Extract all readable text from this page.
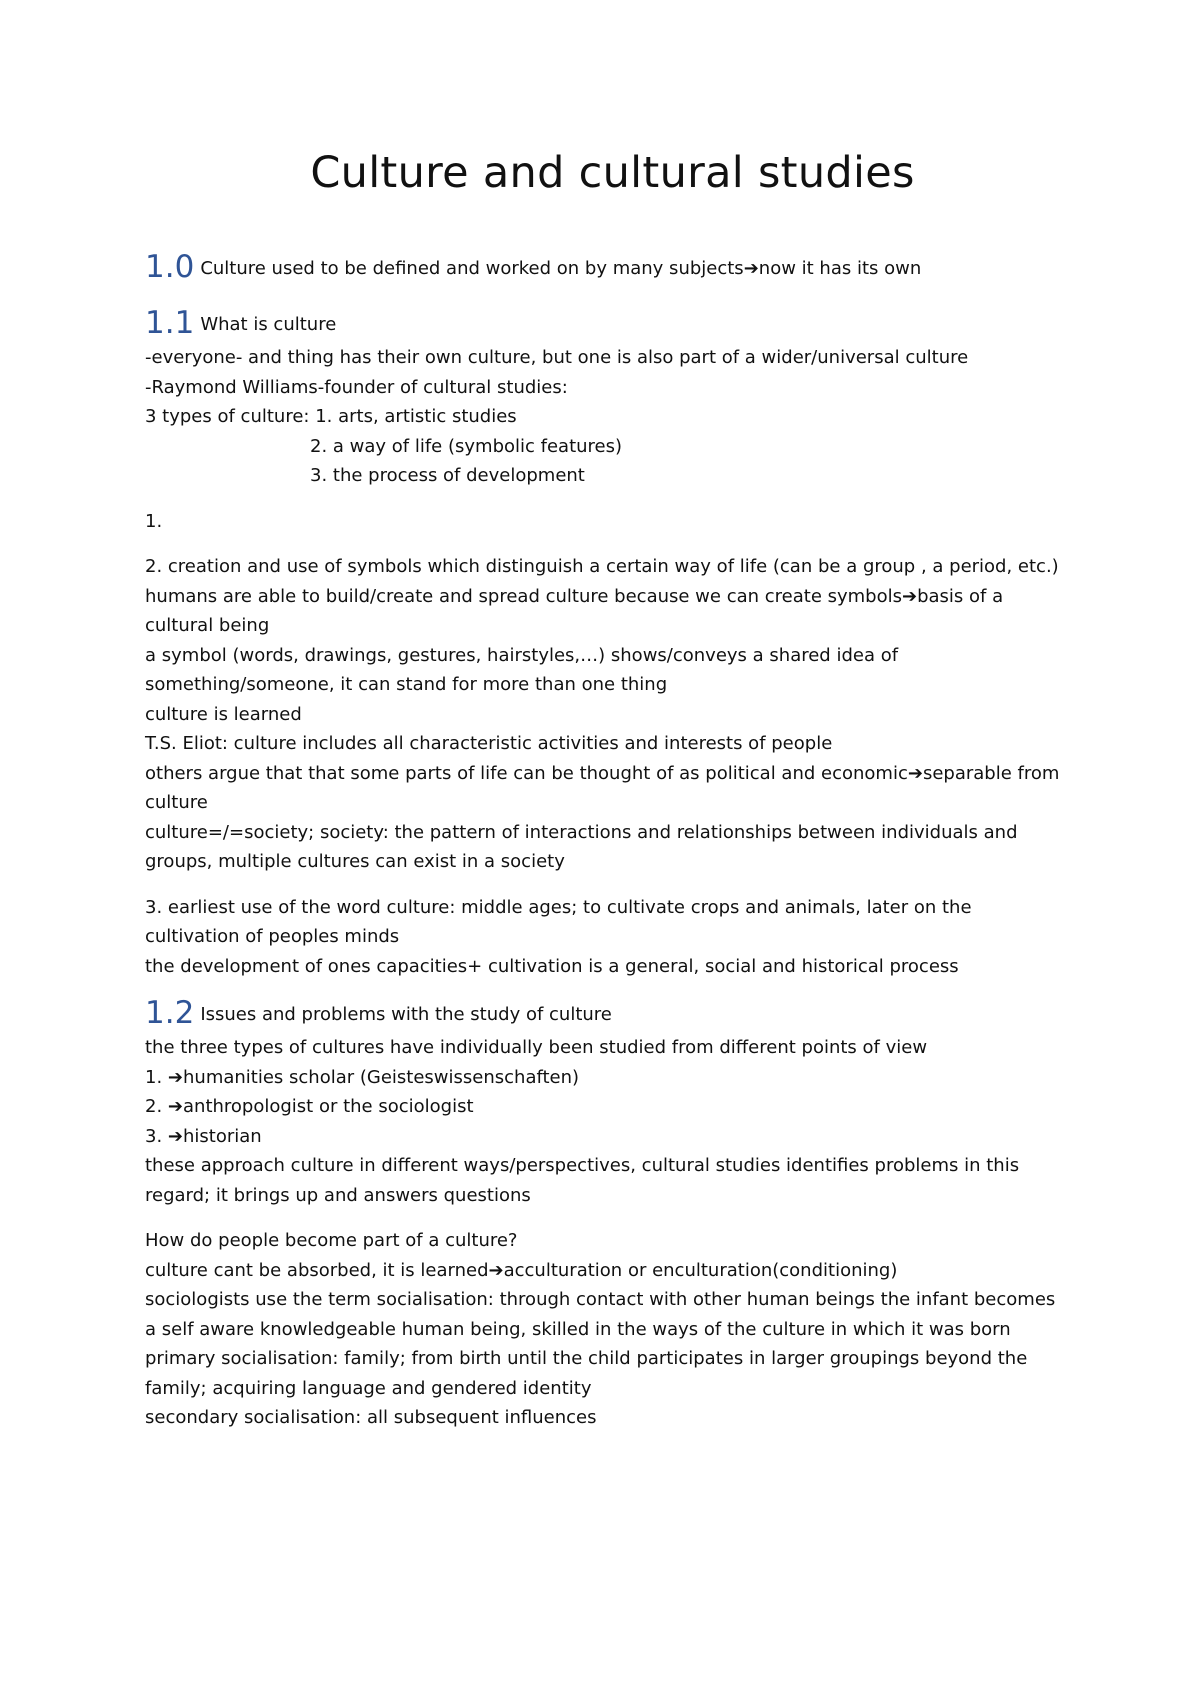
Culture and cultural studies
1.0 Culture used to be defined and worked on by many subjects➔now it has its own
1.1 What is culture
-everyone- and thing has their own culture, but one is also part of a wider/universal culture
-Raymond Williams-founder of cultural studies:
3 types of culture: 1. arts, artistic studies
2. a way of life (symbolic features)
3. the process of development
1.
2. creation and use of symbols which distinguish a certain way of life (can be a group , a period, etc.)
humans are able to build/create and spread culture because we can create symbols➔basis of a
cultural being
a symbol (words, drawings, gestures, hairstyles,…) shows/conveys a shared idea of
something/someone, it can stand for more than one thing
culture is learned
T.S. Eliot: culture includes all characteristic activities and interests of people
others argue that that some parts of life can be thought of as political and economic➔separable from
culture
culture=/=society; society: the pattern of interactions and relationships between individuals and
groups, multiple cultures can exist in a society
3. earliest use of the word culture: middle ages; to cultivate crops and animals, later on the
cultivation of peoples minds
the development of ones capacities+ cultivation is a general, social and historical process
1.2 Issues and problems with the study of culture
the three types of cultures have individually been studied from different points of view
1. ➔humanities scholar (Geisteswissenschaften)
2. ➔anthropologist or the sociologist
3. ➔historian
these approach culture in different ways/perspectives, cultural studies identifies problems in this
regard; it brings up and answers questions
How do people become part of a culture?
culture cant be absorbed, it is learned➔acculturation or enculturation(conditioning)
sociologists use the term socialisation: through contact with other human beings the infant becomes
a self aware knowledgeable human being, skilled in the ways of the culture in which it was born
primary socialisation: family; from birth until the child participates in larger groupings beyond the
family; acquiring language and gendered identity
secondary socialisation: all subsequent influences
